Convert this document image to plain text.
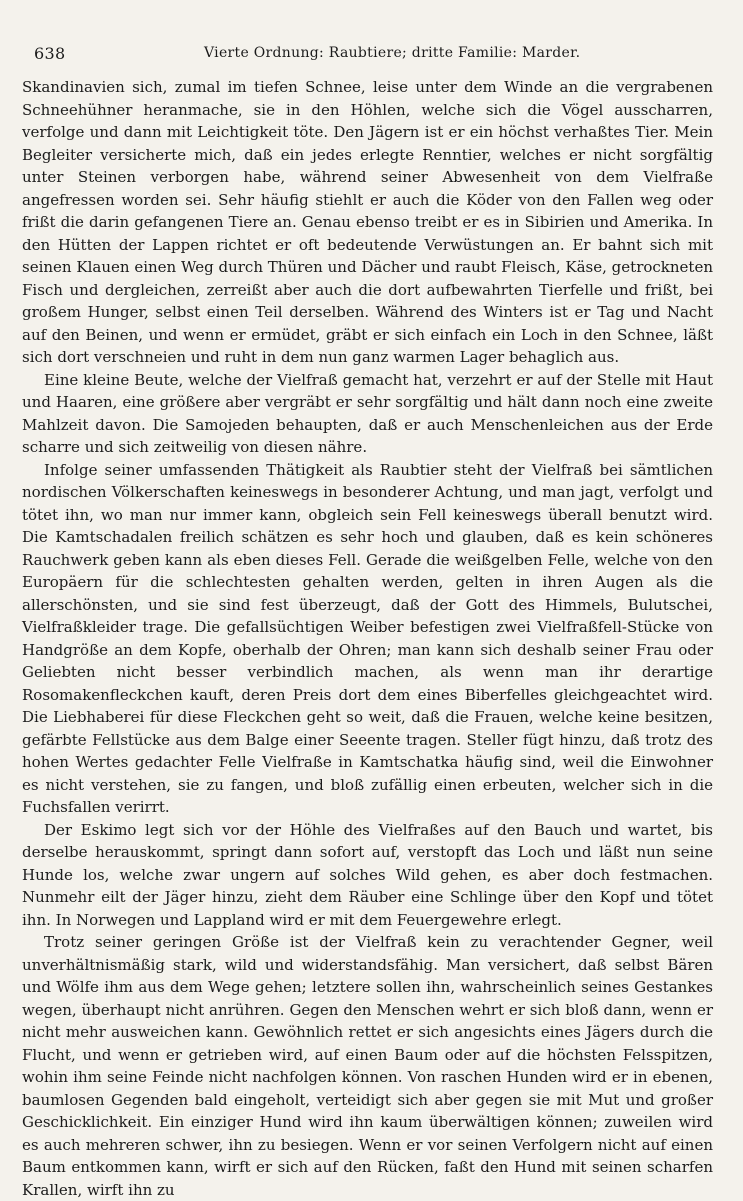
638	Vierte Ordnung: Raubtiere; dritte Familie: Marder.

Skandinavien sich, zumal im tiefen Schnee, leise unter dem Winde an die vergrabenen Schneehühner heranmache, sie in den Höhlen, welche sich die Vögel ausscharren, verfolge und dann mit Leichtigkeit töte. Den Jägern ist er ein höchst verhaßtes Tier. Mein Begleiter versicherte mich, daß ein jedes erlegte Renntier, welches er nicht sorgfältig unter Steinen verborgen habe, während seiner Abwesenheit von dem Vielfraße angefressen worden sei. Sehr häufig stiehlt er auch die Köder von den Fallen weg oder frißt die darin gefangenen Tiere an. Genau ebenso treibt er es in Sibirien und Amerika. In den Hütten der Lappen richtet er oft bedeutende Verwüstungen an. Er bahnt sich mit seinen Klauen einen Weg durch Thüren und Dächer und raubt Fleisch, Käse, getrockneten Fisch und dergleichen, zerreißt aber auch die dort aufbewahrten Tierfelle und frißt, bei großem Hunger, selbst einen Teil derselben. Während des Winters ist er Tag und Nacht auf den Beinen, und wenn er ermüdet, gräbt er sich einfach ein Loch in den Schnee, läßt sich dort verschneien und ruht in dem nun ganz warmen Lager behaglich aus.

Eine kleine Beute, welche der Vielfraß gemacht hat, verzehrt er auf der Stelle mit Haut und Haaren, eine größere aber vergräbt er sehr sorgfältig und hält dann noch eine zweite Mahlzeit davon. Die Samojeden behaupten, daß er auch Menschenleichen aus der Erde scharre und sich zeitweilig von diesen nähre.

Infolge seiner umfassenden Thätigkeit als Raubtier steht der Vielfraß bei sämtlichen nordischen Völkerschaften keineswegs in besonderer Achtung, und man jagt, verfolgt und tötet ihn, wo man nur immer kann, obgleich sein Fell keineswegs überall benutzt wird. Die Kamtschadalen freilich schätzen es sehr hoch und glauben, daß es kein schöneres Rauchwerk geben kann als eben dieses Fell. Gerade die weißgelben Felle, welche von den Europäern für die schlechtesten gehalten werden, gelten in ihren Augen als die allerschönsten, und sie sind fest überzeugt, daß der Gott des Himmels, Bulutschei, Vielfraßkleider trage. Die gefallsüchtigen Weiber befestigen zwei Vielfraßfell-Stücke von Handgröße an dem Kopfe, oberhalb der Ohren; man kann sich deshalb seiner Frau oder Geliebten nicht besser verbindlich machen, als wenn man ihr derartige Rosomakenfleckchen kauft, deren Preis dort dem eines Biberfelles gleichgeachtet wird. Die Liebhaberei für diese Fleckchen geht so weit, daß die Frauen, welche keine besitzen, gefärbte Fellstücke aus dem Balge einer Seeente tragen. Steller fügt hinzu, daß trotz des hohen Wertes gedachter Felle Vielfraße in Kamtschatka häufig sind, weil die Einwohner es nicht verstehen, sie zu fangen, und bloß zufällig einen erbeuten, welcher sich in die Fuchsfallen verirrt.

Der Eskimo legt sich vor der Höhle des Vielfraßes auf den Bauch und wartet, bis derselbe herauskommt, springt dann sofort auf, verstopft das Loch und läßt nun seine Hunde los, welche zwar ungern auf solches Wild gehen, es aber doch festmachen. Nunmehr eilt der Jäger hinzu, zieht dem Räuber eine Schlinge über den Kopf und tötet ihn. In Norwegen und Lappland wird er mit dem Feuergewehre erlegt.

Trotz seiner geringen Größe ist der Vielfraß kein zu verachtender Gegner, weil unverhältnismäßig stark, wild und widerstandsfähig. Man versichert, daß selbst Bären und Wölfe ihm aus dem Wege gehen; letztere sollen ihn, wahrscheinlich seines Gestankes wegen, überhaupt nicht anrühren. Gegen den Menschen wehrt er sich bloß dann, wenn er nicht mehr ausweichen kann. Gewöhnlich rettet er sich angesichts eines Jägers durch die Flucht, und wenn er getrieben wird, auf einen Baum oder auf die höchsten Felsspitzen, wohin ihm seine Feinde nicht nachfolgen können. Von raschen Hunden wird er in ebenen, baumlosen Gegenden bald eingeholt, verteidigt sich aber gegen sie mit Mut und großer Geschicklichkeit. Ein einziger Hund wird ihn kaum überwältigen können; zuweilen wird es auch mehreren schwer, ihn zu besiegen. Wenn er vor seinen Verfolgern nicht auf einen Baum entkommen kann, wirft er sich auf den Rücken, faßt den Hund mit seinen scharfen Krallen, wirft ihn zu
